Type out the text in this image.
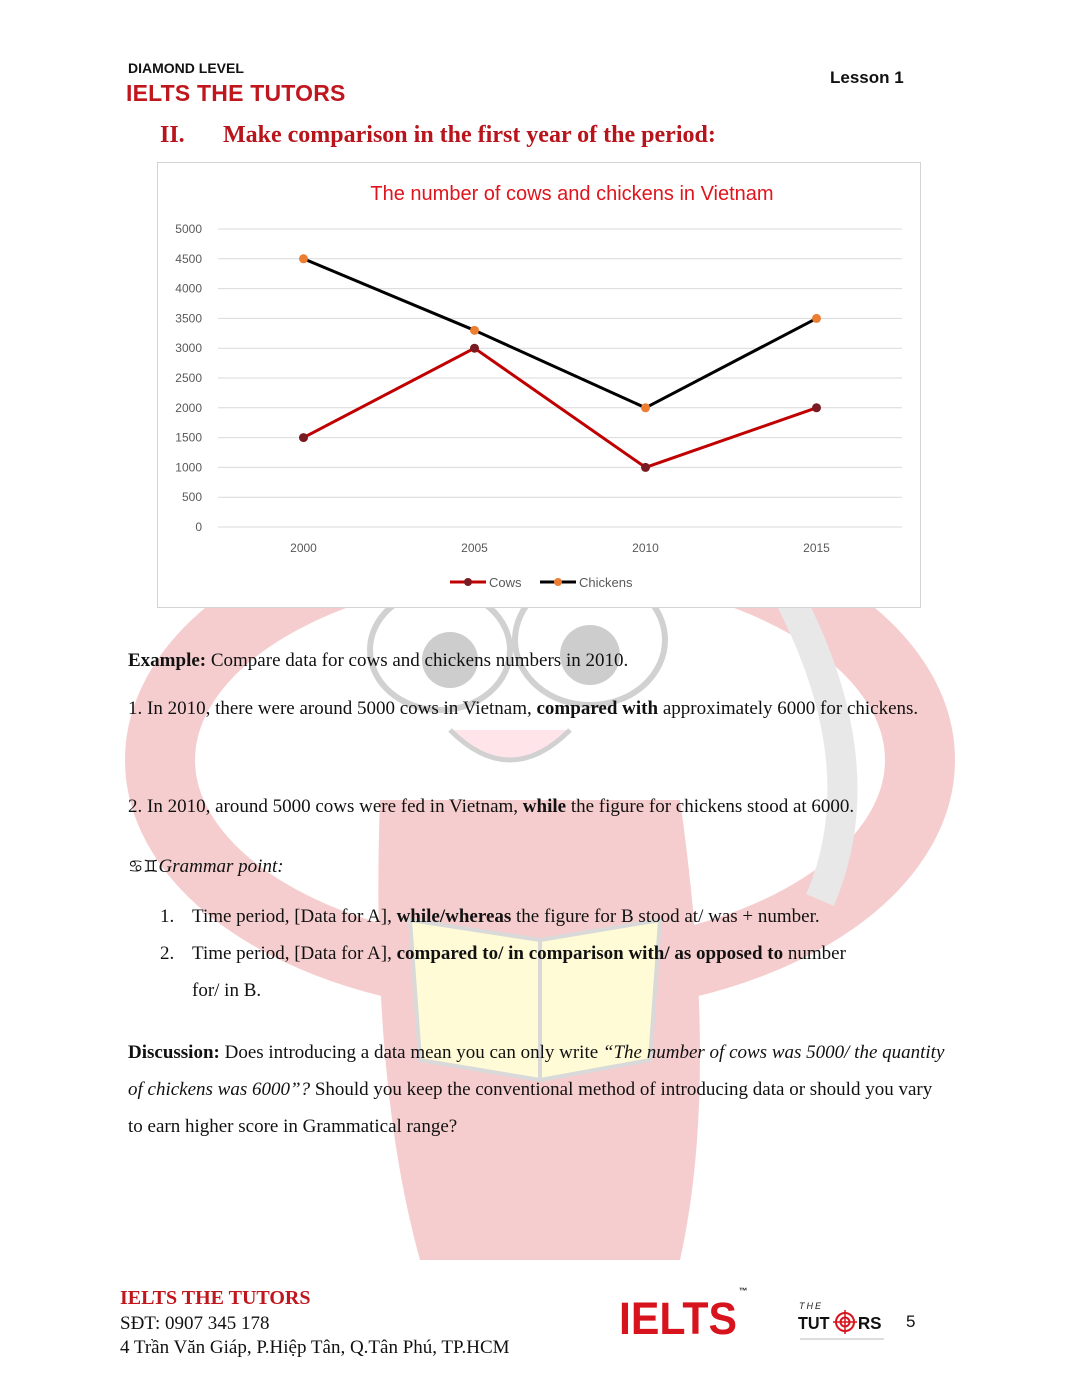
DIAMOND LEVEL
IELTS THE TUTORS
Lesson 1
II. Make comparison in the first year of the period:
The number of cows and chickens in Vietnam
0
500
1000
1500
2000
2500
3000
3500
4000
4500
5000
2000	2005	2010	2015
Cows	Chickens
Example: Compare data for cows and chickens numbers in 2010.
1. In 2010, there were around 5000 cows in Vietnam, compared with approximately 6000 for chickens.
2. In 2010, around 5000 cows were fed in Vietnam, while the figure for chickens stood at 6000.
♋♊Grammar point:
1. Time period, [Data for A], while/whereas the figure for B stood at/ was + number.
2. Time period, [Data for A], compared to/ in comparison with/ as opposed to number
for/ in B.
Discussion: Does introducing a data mean you can only write “The number of cows was 5000/ the quantity of chickens was 6000”? Should you keep the conventional method of introducing data or should you vary to earn higher score in Grammatical range?
IELTS THE TUTORS
SĐT: 0907 345 178
4 Trần Văn Giáp, P.Hiệp Tân, Q.Tân Phú, TP.HCM
IELTS™
THE
TUT RS 5
